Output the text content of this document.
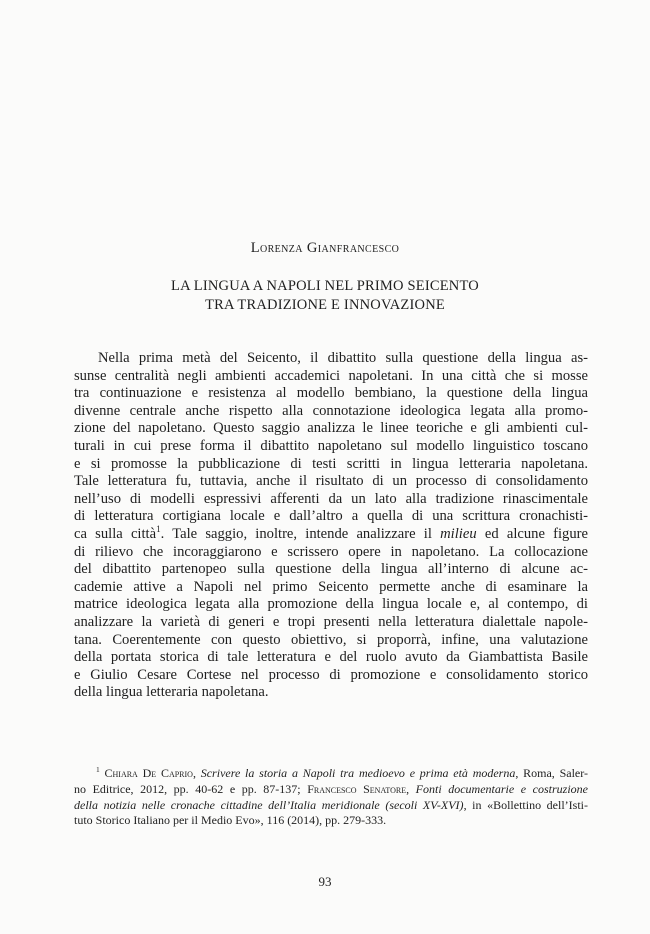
Lorenza Gianfrancesco
LA LINGUA A NAPOLI NEL PRIMO SEICENTO
TRA TRADIZIONE E INNOVAZIONE
Nella prima metà del Seicento, il dibattito sulla questione della lingua as-
sunse centralità negli ambienti accademici napoletani. In una città che si mosse
tra continuazione e resistenza al modello bembiano, la questione della lingua
divenne centrale anche rispetto alla connotazione ideologica legata alla promo-
zione del napoletano. Questo saggio analizza le linee teoriche e gli ambienti cul-
turali in cui prese forma il dibattito napoletano sul modello linguistico toscano
e si promosse la pubblicazione di testi scritti in lingua letteraria napoletana.
Tale letteratura fu, tuttavia, anche il risultato di un processo di consolidamento
nell’uso di modelli espressivi afferenti da un lato alla tradizione rinascimentale
di letteratura cortigiana locale e dall’altro a quella di una scrittura cronachisti-
ca sulla città$^1$. Tale saggio, inoltre, intende analizzare il milieu ed alcune figure
di rilievo che incoraggiarono e scrissero opere in napoletano. La collocazione
del dibattito partenopeo sulla questione della lingua all’interno di alcune ac-
cademie attive a Napoli nel primo Seicento permette anche di esaminare la
matrice ideologica legata alla promozione della lingua locale e, al contempo, di
analizzare la varietà di generi e tropi presenti nella letteratura dialettale napole-
tana. Coerentemente con questo obiettivo, si proporrà, infine, una valutazione
della portata storica di tale letteratura e del ruolo avuto da Giambattista Basile
e Giulio Cesare Cortese nel processo di promozione e consolidamento storico
della lingua letteraria napoletana.
$^1$ Chiara De Caprio, Scrivere la storia a Napoli tra medioevo e prima età moderna, Roma, Saler-
no Editrice, 2012, pp. 40-62 e pp. 87-137; Francesco Senatore, Fonti documentarie e costruzione
della notizia nelle cronache cittadine dell’Italia meridionale (secoli XV-XVI), in «Bollettino dell’Isti-
tuto Storico Italiano per il Medio Evo», 116 (2014), pp. 279-333.
93
